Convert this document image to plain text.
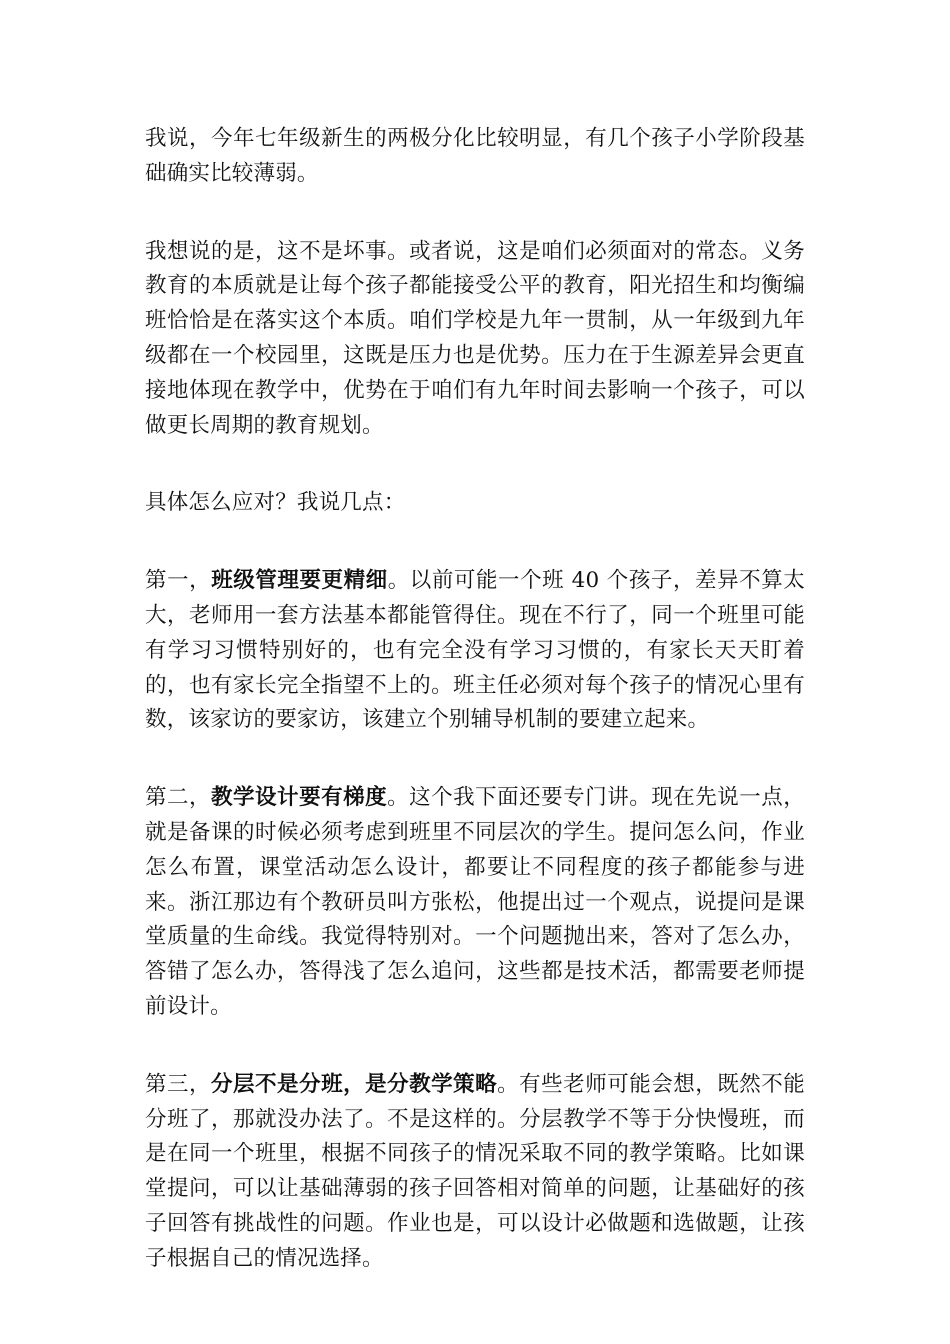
我说，今年七年级新生的两极分化比较明显，有几个孩子小学阶段基础确实比较薄弱。

我想说的是，这不是坏事。或者说，这是咱们必须面对的常态。义务教育的本质就是让每个孩子都能接受公平的教育，阳光招生和均衡编班恰恰是在落实这个本质。咱们学校是九年一贯制，从一年级到九年级都在一个校园里，这既是压力也是优势。压力在于生源差异会更直接地体现在教学中，优势在于咱们有九年时间去影响一个孩子，可以做更长周期的教育规划。

具体怎么应对？我说几点：

第一，班级管理要更精细。以前可能一个班 40 个孩子，差异不算太大，老师用一套方法基本都能管得住。现在不行了，同一个班里可能有学习习惯特别好的，也有完全没有学习习惯的，有家长天天盯着的，也有家长完全指望不上的。班主任必须对每个孩子的情况心里有数，该家访的要家访，该建立个别辅导机制的要建立起来。

第二，教学设计要有梯度。这个我下面还要专门讲。现在先说一点，就是备课的时候必须考虑到班里不同层次的学生。提问怎么问，作业怎么布置，课堂活动怎么设计，都要让不同程度的孩子都能参与进来。浙江那边有个教研员叫方张松，他提出过一个观点，说提问是课堂质量的生命线。我觉得特别对。一个问题抛出来，答对了怎么办，答错了怎么办，答得浅了怎么追问，这些都是技术活，都需要老师提前设计。

第三，分层不是分班，是分教学策略。有些老师可能会想，既然不能分班了，那就没办法了。不是这样的。分层教学不等于分快慢班，而是在同一个班里，根据不同孩子的情况采取不同的教学策略。比如课堂提问，可以让基础薄弱的孩子回答相对简单的问题，让基础好的孩子回答有挑战性的问题。作业也是，可以设计必做题和选做题，让孩子根据自己的情况选择。
